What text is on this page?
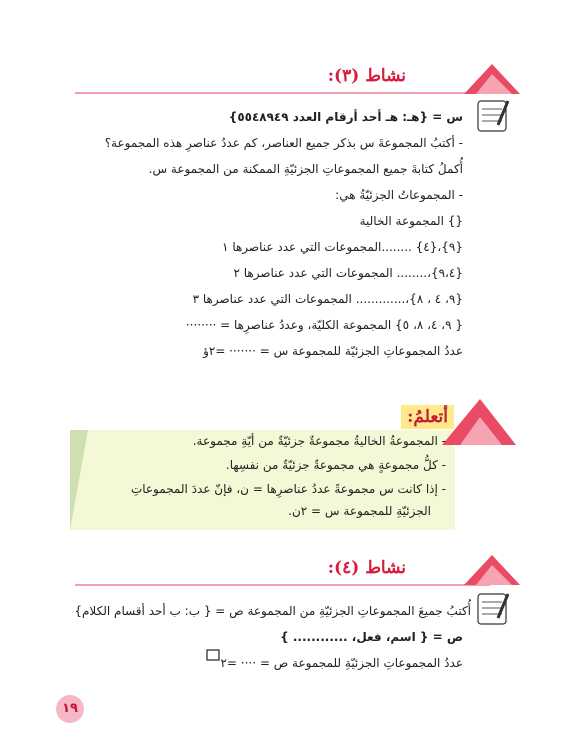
نشاط (٣):
س = {هـ: هـ أحد أرقام العدد ٥٥٤٨٩٤٩}
- أكتبُ المجموعةَ س بذكر جميع العناصر، كم عددُ عناصرِ هذه المجموعة؟
أُكملُ كتابةَ جميع المجموعاتِ الجزئيّةِ الممكنة من المجموعة س.
- المجموعاتُ الجزئيّةُ هي:
{} المجموعة الخالية
{٩}،{٤} ........المجموعات التي عدد عناصرها ١
{٩،٤}،........ المجموعات التي عدد عناصرها ٢
{٩، ٤ ، ٨}،............. المجموعات التي عدد عناصرها ٣
{ ٩، ٤، ٨، ٥} المجموعة الكليّة، وعددُ عناصرِها = ········
عددُ المجموعاتِ الجزئيّة للمجموعة س = ······· =٢ؤ
أتعلمُ:
- المجموعةُ الخاليةُ مجموعةٌ جزئيّةٌ من أيّةِ مجموعة.
- كلُّ مجموعةٍ هي مجموعةٌ جزئيّةٌ من نفسِها.
- إذا كانت س مجموعةً عددُ عناصرِها = ن، فإنّ عددَ المجموعاتِ
الجزئيّةِ للمجموعة س = ٢ن.
نشاط (٤):
أُكتبُ جميعَ المجموعاتِ الجزئيّةِ من المجموعة ص = { ب: ب أحد أقسام الكلام}
ص = { اسم، فعل، ............ }
عددُ المجموعاتِ الجزئيّةِ للمجموعة ص = ···· =٢
١٩
